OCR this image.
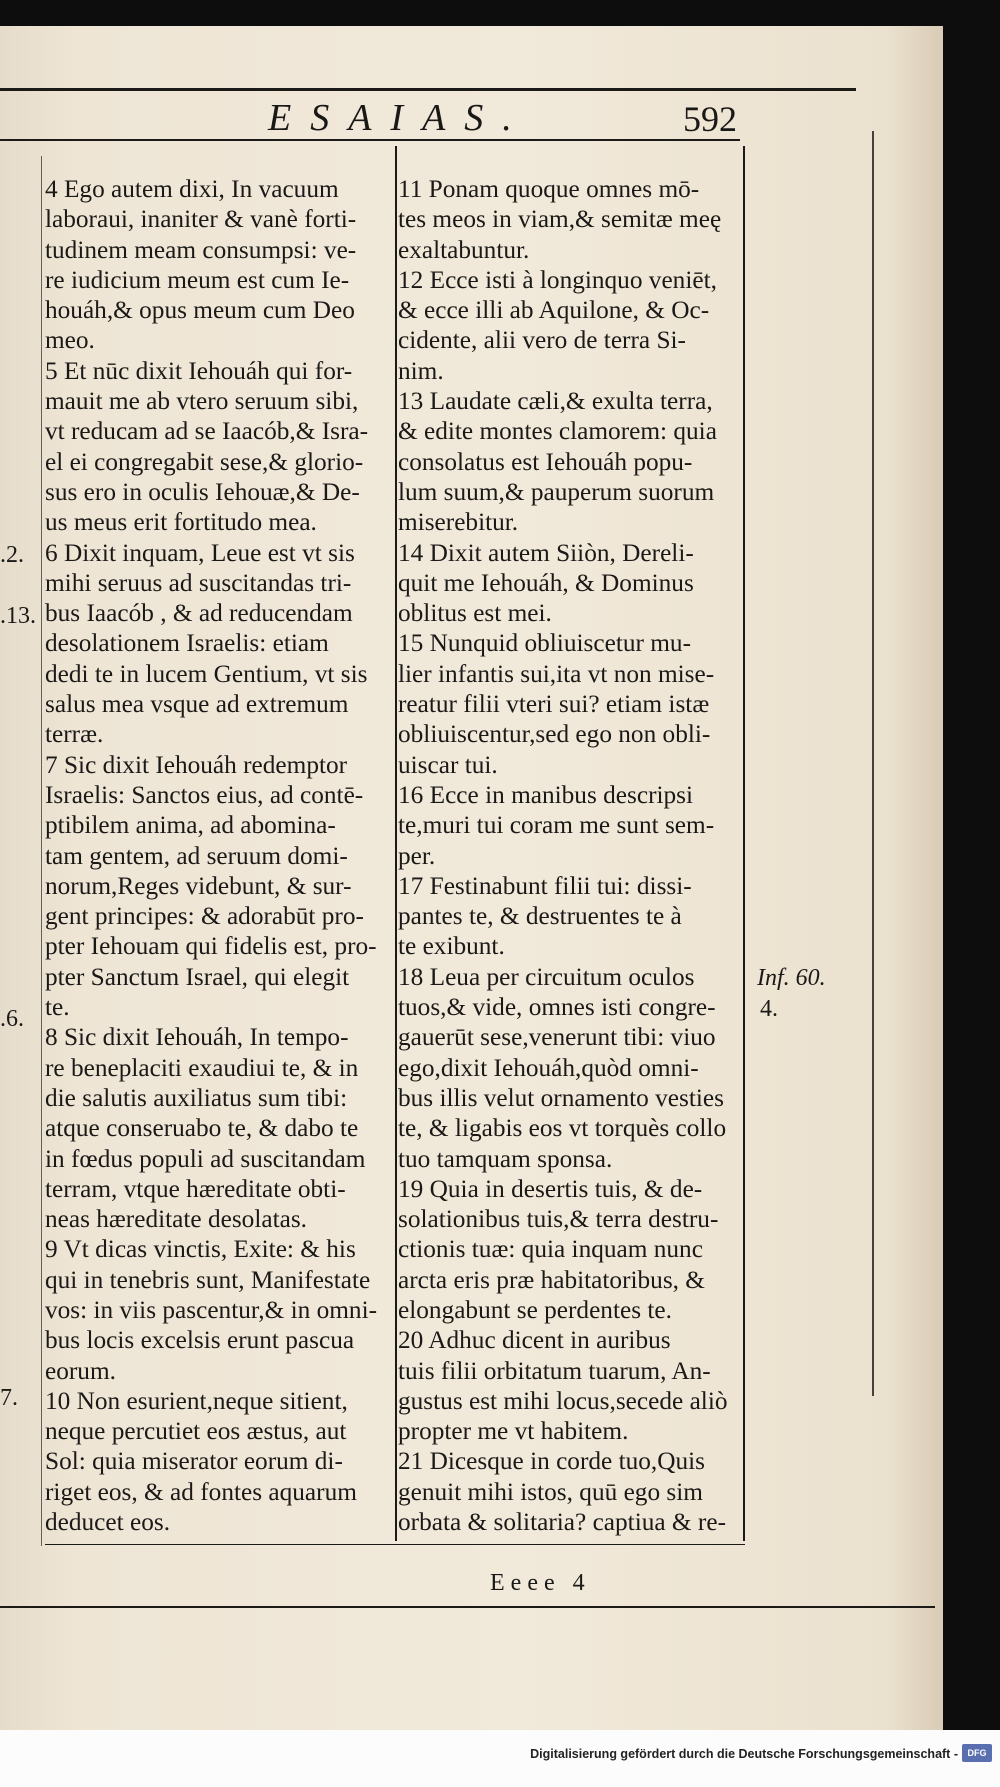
ESAIAS.	592
4 Ego autem dixi, In vacuum
laboraui, inaniter & vanè forti-
tudinem meam consumpsi: ve-
re iudicium meum est cum Ie-
houáh,& opus meum cum Deo
meo.
5 Et nūc dixit Iehouáh qui for-
mauit me ab vtero seruum sibi,
vt reducam ad se Iaacób,& Isra-
el ei congregabit sese,& glorio-
sus ero in oculis Iehouæ,& De-
us meus erit fortitudo mea.
6 Dixit inquam, Leue est vt sis
mihi seruus ad suscitandas tri-
bus Iaacób , & ad reducendam
desolationem Israelis: etiam
dedi te in lucem Gentium, vt sis
salus mea vsque ad extremum
terræ.
7 Sic dixit Iehouáh redemptor
Israelis: Sanctos eius, ad contē-
ptibilem anima, ad abomina-
tam gentem, ad seruum domi-
norum,Reges videbunt, & sur-
gent principes: & adorabūt pro-
pter Iehouam qui fidelis est, pro-
pter Sanctum Israel, qui elegit
te.
8 Sic dixit Iehouáh, In tempo-
re beneplaciti exaudiui te, & in
die salutis auxiliatus sum tibi:
atque conseruabo te, & dabo te
in fœdus populi ad suscitandam
terram, vtque hæreditate obti-
neas hæreditate desolatas.
9 Vt dicas vinctis, Exite: & his
qui in tenebris sunt, Manifestate
vos: in viis pascentur,& in omni-
bus locis excelsis erunt pascua
eorum.
10 Non esurient,neque sitient,
neque percutiet eos æstus, aut
Sol: quia miserator eorum di-
riget eos, & ad fontes aquarum
deducet eos.
11 Ponam quoque omnes mō-
tes meos in viam,& semitæ meę
exaltabuntur.
12 Ecce isti à longinquo veniēt,
& ecce illi ab Aquilone, & Oc-
cidente, alii vero de terra Si-
nim.
13 Laudate cæli,& exulta terra,
& edite montes clamorem: quia
consolatus est Iehouáh popu-
lum suum,& pauperum suorum
miserebitur.
14 Dixit autem Siiòn, Dereli-
quit me Iehouáh, & Dominus
oblitus est mei.
15 Nunquid obliuiscetur mu-
lier infantis sui,ita vt non mise-
reatur filii vteri sui? etiam istæ
obliuiscentur,sed ego non obli-
uiscar tui.
16 Ecce in manibus descripsi
te,muri tui coram me sunt sem-
per.
17 Festinabunt filii tui: dissi-
pantes te, & destruentes te à
te exibunt.
18 Leua per circuitum oculos
tuos,& vide, omnes isti congre-
gauerūt sese,venerunt tibi: viuo
ego,dixit Iehouáh,quòd omni-
bus illis velut ornamento vesties
te, & ligabis eos vt torquès collo
tuo tamquam sponsa.
19 Quia in desertis tuis, & de-
solationibus tuis,& terra destru-
ctionis tuæ: quia inquam nunc
arcta eris præ habitatoribus, &
elongabunt se perdentes te.
20 Adhuc dicent in auribus
tuis filii orbitatum tuarum, An-
gustus est mihi locus,secede aliò
propter me vt habitem.
21 Dicesque in corde tuo,Quis
genuit mihi istos, quū ego sim
orbata & solitaria? captiua & re-
.2.
.13.
.6.
7.
Inf. 60.
4.
Eeee 4
Digitalisierung gefördert durch die Deutsche Forschungsgemeinschaft -	DFG
